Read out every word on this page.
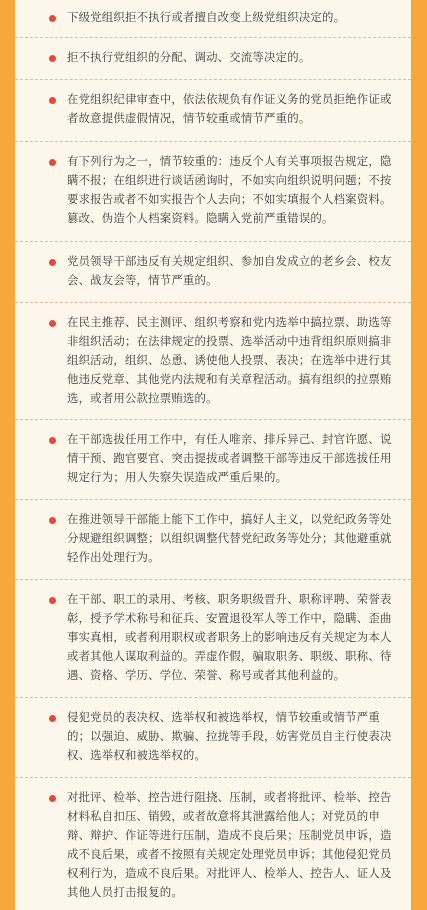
下级党组织拒不执行或者擅自改变上级党组织决定的。
拒不执行党组织的分配、调动、交流等决定的。
在党组织纪律审查中，依法依规负有作证义务的党员拒绝作证或者故意提供虚假情况，情节较重或情节严重的。
有下列行为之一，情节较重的：违反个人有关事项报告规定，隐瞒不报；在组织进行谈话函询时，不如实向组织说明问题；不按要求报告或者不如实报告个人去向；不如实填报个人档案资料。篡改、伪造个人档案资料。隐瞒入党前严重错误的。
党员领导干部违反有关规定组织、参加自发成立的老乡会、校友会、战友会等，情节严重的。
在民主推荐、民主测评、组织考察和党内选举中搞拉票、助选等非组织活动；在法律规定的投票、选举活动中违背组织原则搞非组织活动，组织、怂恿、诱使他人投票、表决；在选举中进行其他违反党章、其他党内法规和有关章程活动。搞有组织的拉票贿选，或者用公款拉票贿选的。
在干部选拔任用工作中，有任人唯亲、排斥异己、封官许愿、说情干预、跑官要官、突击提拔或者调整干部等违反干部选拔任用规定行为；用人失察失误造成严重后果的。
在推进领导干部能上能下工作中，搞好人主义，以党纪政务等处分规避组织调整；以组织调整代替党纪政务等处分；其他避重就轻作出处理行为。
在干部、职工的录用、考核、职务职级晋升、职称评聘、荣誉表彰，授予学术称号和征兵、安置退役军人等工作中，隐瞒、歪曲事实真相，或者利用职权或者职务上的影响违反有关规定为本人或者其他人谋取利益的。弄虚作假，骗取职务、职级、职称、待遇、资格、学历、学位、荣誉、称号或者其他利益的。
侵犯党员的表决权、选举权和被选举权，情节较重或情节严重的；以强迫、威胁、欺骗、拉拢等手段，妨害党员自主行使表决权、选举权和被选举权的。
对批评、检举、控告进行阻挠、压制，或者将批评、检举、控告材料私自扣压、销毁，或者故意将其泄露给他人；对党员的申辩、辩护、作证等进行压制，造成不良后果；压制党员申诉，造成不良后果，或者不按照有关规定处理党员申诉；其他侵犯党员权利行为，造成不良后果。对批评人、检举人、控告人、证人及其他人员打击报复的。
